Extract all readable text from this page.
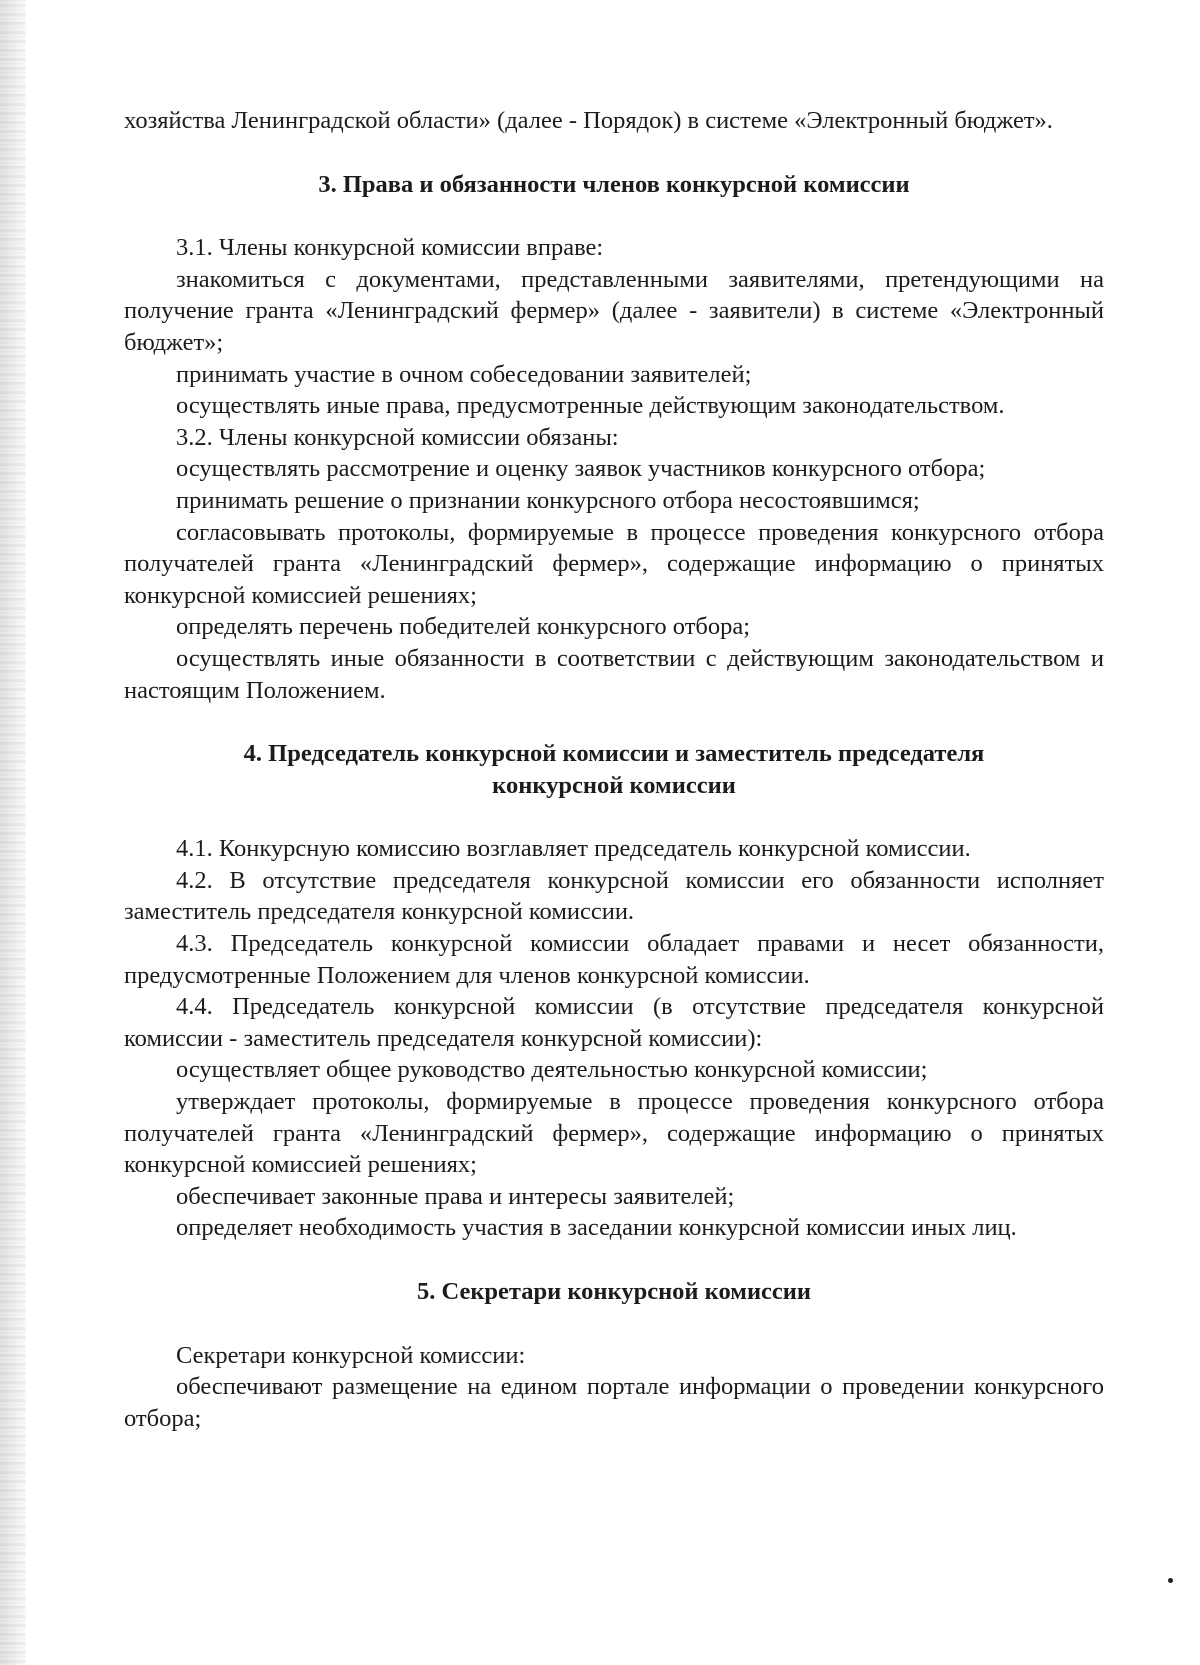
хозяйства Ленинградской области» (далее - Порядок) в системе «Электронный бюджет».

3. Права и обязанности членов конкурсной комиссии

3.1. Члены конкурсной комиссии вправе:

знакомиться с документами, представленными заявителями, претендующими на получение гранта «Ленинградский фермер» (далее - заявители) в системе «Электронный бюджет»;

принимать участие в очном собеседовании заявителей;

осуществлять иные права, предусмотренные действующим законодательством.

3.2. Члены конкурсной комиссии обязаны:

осуществлять рассмотрение и оценку заявок участников конкурсного отбора;

принимать решение о признании конкурсного отбора несостоявшимся;

согласовывать протоколы, формируемые в процессе проведения конкурсного отбора получателей гранта «Ленинградский фермер», содержащие информацию о принятых конкурсной комиссией решениях;

определять перечень победителей конкурсного отбора;

осуществлять иные обязанности в соответствии с действующим законодательством и настоящим Положением.

4. Председатель конкурсной комиссии и заместитель председателя
конкурсной комиссии

4.1. Конкурсную комиссию возглавляет председатель конкурсной комиссии.

4.2. В отсутствие председателя конкурсной комиссии его обязанности исполняет заместитель председателя конкурсной комиссии.

4.3. Председатель конкурсной комиссии обладает правами и несет обязанности, предусмотренные Положением для членов конкурсной комиссии.

4.4. Председатель конкурсной комиссии (в отсутствие председателя конкурсной комиссии - заместитель председателя конкурсной комиссии):

осуществляет общее руководство деятельностью конкурсной комиссии;

утверждает протоколы, формируемые в процессе проведения конкурсного отбора получателей гранта «Ленинградский фермер», содержащие информацию о принятых конкурсной комиссией решениях;

обеспечивает законные права и интересы заявителей;

определяет необходимость участия в заседании конкурсной комиссии иных лиц.

5. Секретари конкурсной комиссии

Секретари конкурсной комиссии:

обеспечивают размещение на едином портале информации о проведении конкурсного отбора;
